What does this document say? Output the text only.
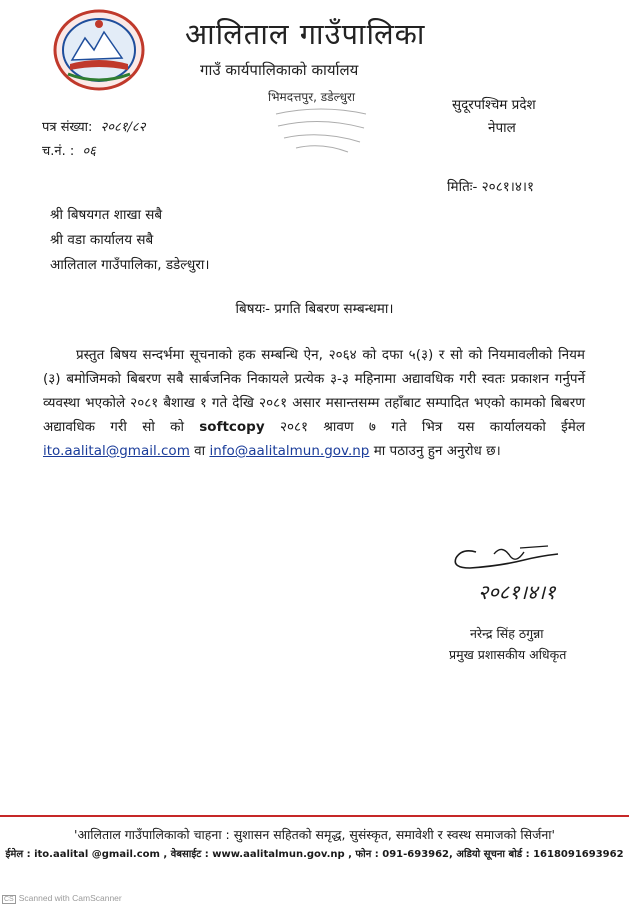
आलिताल गाउँपालिका
गाउँ कार्यपालिकाको कार्यालय
भिमदत्तपुर, डडेल्धुरा	सुदूरपश्चिम प्रदेश
नेपाल
पत्र संख्या: २०८१/८२
च.नं. : ०६
मितिः- २०८१।४।१
श्री बिषयगत शाखा सबै
श्री वडा कार्यालय सबै
आलिताल गाउँपालिका, डडेल्धुरा।
बिषयः- प्रगति बिबरण सम्बन्धमा।
प्रस्तुत बिषय सन्दर्भमा सूचनाको हक सम्बन्धि ऐन, २०६४ को दफा ५(३) र सो को नियमावलीको नियम (३) बमोजिमको बिबरण सबै सार्बजनिक निकायले प्रत्येक ३-३ महिनामा अद्यावधिक गरी स्वतः प्रकाशन गर्नुपर्ने व्यवस्था भएकोले २०८१ बैशाख १ गते देखि २०८१ असार मसान्तसम्म तहाँबाट सम्पादित भएको कामको बिबरण अद्यावधिक गरी सो को softcopy २०८१ श्रावण ७ गते भित्र यस कार्यालयको ईमेल ito.aalital@gmail.com वा info@aalitalmun.gov.np मा पठाउनु हुन अनुरोध छ।
२०८१।४।१
नरेन्द्र सिंह ठगुन्ना
प्रमुख प्रशासकीय अधिकृत
'आलिताल गाउँपालिकाको चाहना : सुशासन सहितको समृद्ध, सुसंस्कृत, समावेशी र स्वस्थ समाजको सिर्जना'
ईमेल : ito.aalital @gmail.com , वेबसाईट : www.aalitalmun.gov.np , फोन : 091-693962, अडियो सूचना बोर्ड : 1618091693962
CS Scanned with CamScanner
